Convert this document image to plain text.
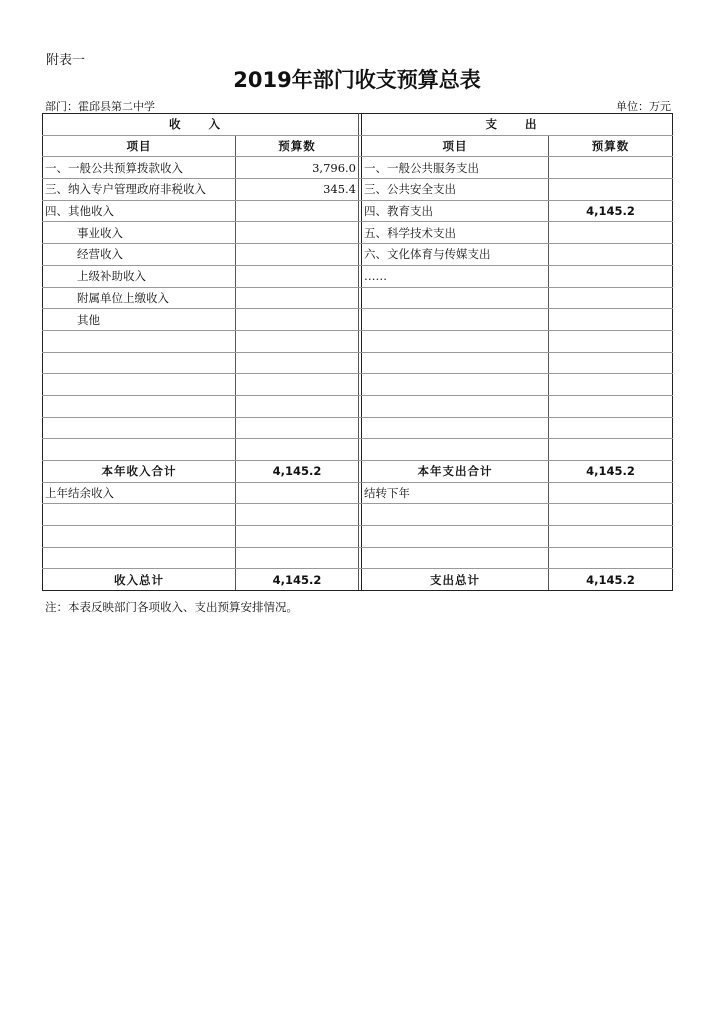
附表一
2019年部门收支预算总表
部门：霍邱县第二中学	单位：万元
收 入			支 出	
项目	预算数		项目	预算数
一、一般公共预算拨款收入	3,796.0		一、一般公共服务支出	
三、纳入专户管理政府非税收入	345.4		三、公共安全支出	
四、其他收入			四、教育支出	4,145.2
事业收入			五、科学技术支出	
经营收入			六、文化体育与传媒支出	
上级补助收入			……	
附属单位上缴收入				
其他				

本年收入合计	4,145.2		本年支出合计	4,145.2
上年结余收入			结转下年	

收入总计	4,145.2		支出总计	4,145.2
注：本表反映部门各项收入、支出预算安排情况。
